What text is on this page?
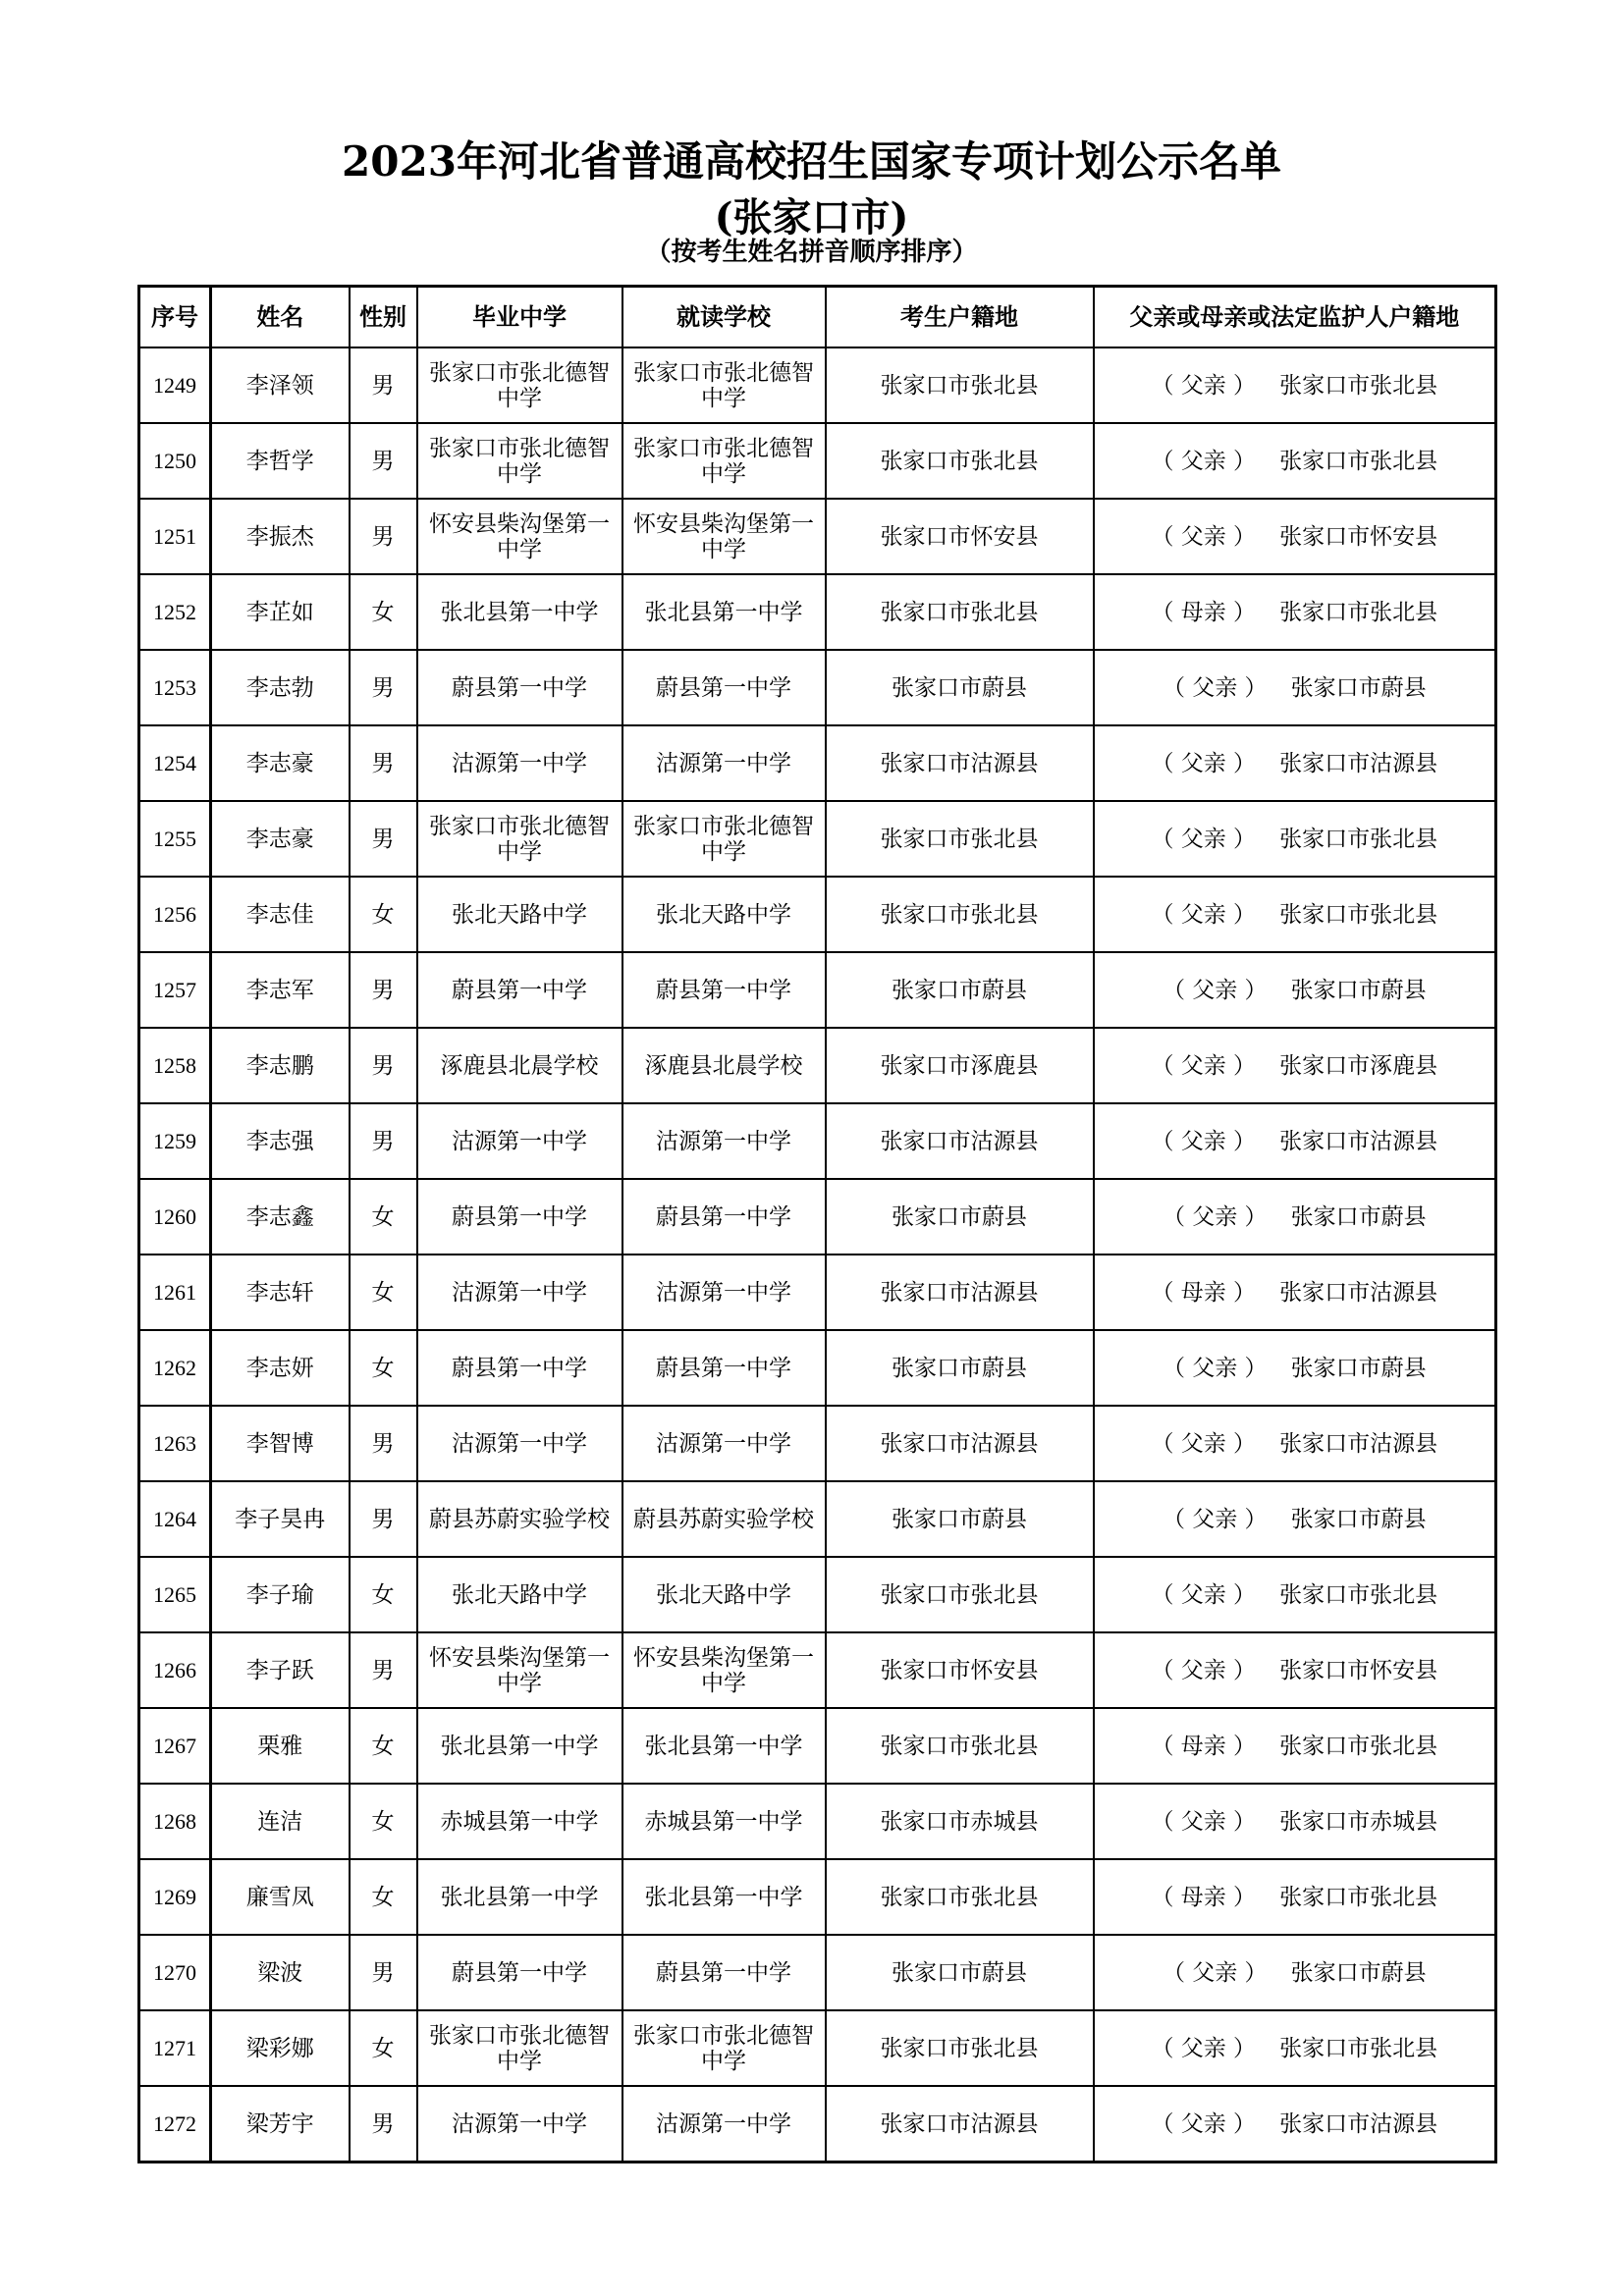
2023年河北省普通高校招生国家专项计划公示名单
(张家口市)
（按考生姓名拼音顺序排序）
序号	姓名	性别	毕业中学	就读学校	考生户籍地	父亲或母亲或法定监护人户籍地
1249	李泽领	男	张家口市张北德智中学	张家口市张北德智中学	张家口市张北县	（ 父亲 ） 张家口市张北县
1250	李哲学	男	张家口市张北德智中学	张家口市张北德智中学	张家口市张北县	（ 父亲 ） 张家口市张北县
1251	李振杰	男	怀安县柴沟堡第一中学	怀安县柴沟堡第一中学	张家口市怀安县	（ 父亲 ） 张家口市怀安县
1252	李芷如	女	张北县第一中学	张北县第一中学	张家口市张北县	（ 母亲 ） 张家口市张北县
1253	李志勃	男	蔚县第一中学	蔚县第一中学	张家口市蔚县	（ 父亲 ） 张家口市蔚县
1254	李志豪	男	沽源第一中学	沽源第一中学	张家口市沽源县	（ 父亲 ） 张家口市沽源县
1255	李志豪	男	张家口市张北德智中学	张家口市张北德智中学	张家口市张北县	（ 父亲 ） 张家口市张北县
1256	李志佳	女	张北天路中学	张北天路中学	张家口市张北县	（ 父亲 ） 张家口市张北县
1257	李志军	男	蔚县第一中学	蔚县第一中学	张家口市蔚县	（ 父亲 ） 张家口市蔚县
1258	李志鹏	男	涿鹿县北晨学校	涿鹿县北晨学校	张家口市涿鹿县	（ 父亲 ） 张家口市涿鹿县
1259	李志强	男	沽源第一中学	沽源第一中学	张家口市沽源县	（ 父亲 ） 张家口市沽源县
1260	李志鑫	女	蔚县第一中学	蔚县第一中学	张家口市蔚县	（ 父亲 ） 张家口市蔚县
1261	李志轩	女	沽源第一中学	沽源第一中学	张家口市沽源县	（ 母亲 ） 张家口市沽源县
1262	李志妍	女	蔚县第一中学	蔚县第一中学	张家口市蔚县	（ 父亲 ） 张家口市蔚县
1263	李智博	男	沽源第一中学	沽源第一中学	张家口市沽源县	（ 父亲 ） 张家口市沽源县
1264	李子昊冉	男	蔚县苏蔚实验学校	蔚县苏蔚实验学校	张家口市蔚县	（ 父亲 ） 张家口市蔚县
1265	李子瑜	女	张北天路中学	张北天路中学	张家口市张北县	（ 父亲 ） 张家口市张北县
1266	李子跃	男	怀安县柴沟堡第一中学	怀安县柴沟堡第一中学	张家口市怀安县	（ 父亲 ） 张家口市怀安县
1267	栗雅	女	张北县第一中学	张北县第一中学	张家口市张北县	（ 母亲 ） 张家口市张北县
1268	连洁	女	赤城县第一中学	赤城县第一中学	张家口市赤城县	（ 父亲 ） 张家口市赤城县
1269	廉雪凤	女	张北县第一中学	张北县第一中学	张家口市张北县	（ 母亲 ） 张家口市张北县
1270	梁波	男	蔚县第一中学	蔚县第一中学	张家口市蔚县	（ 父亲 ） 张家口市蔚县
1271	梁彩娜	女	张家口市张北德智中学	张家口市张北德智中学	张家口市张北县	（ 父亲 ） 张家口市张北县
1272	梁芳宇	男	沽源第一中学	沽源第一中学	张家口市沽源县	（ 父亲 ） 张家口市沽源县
